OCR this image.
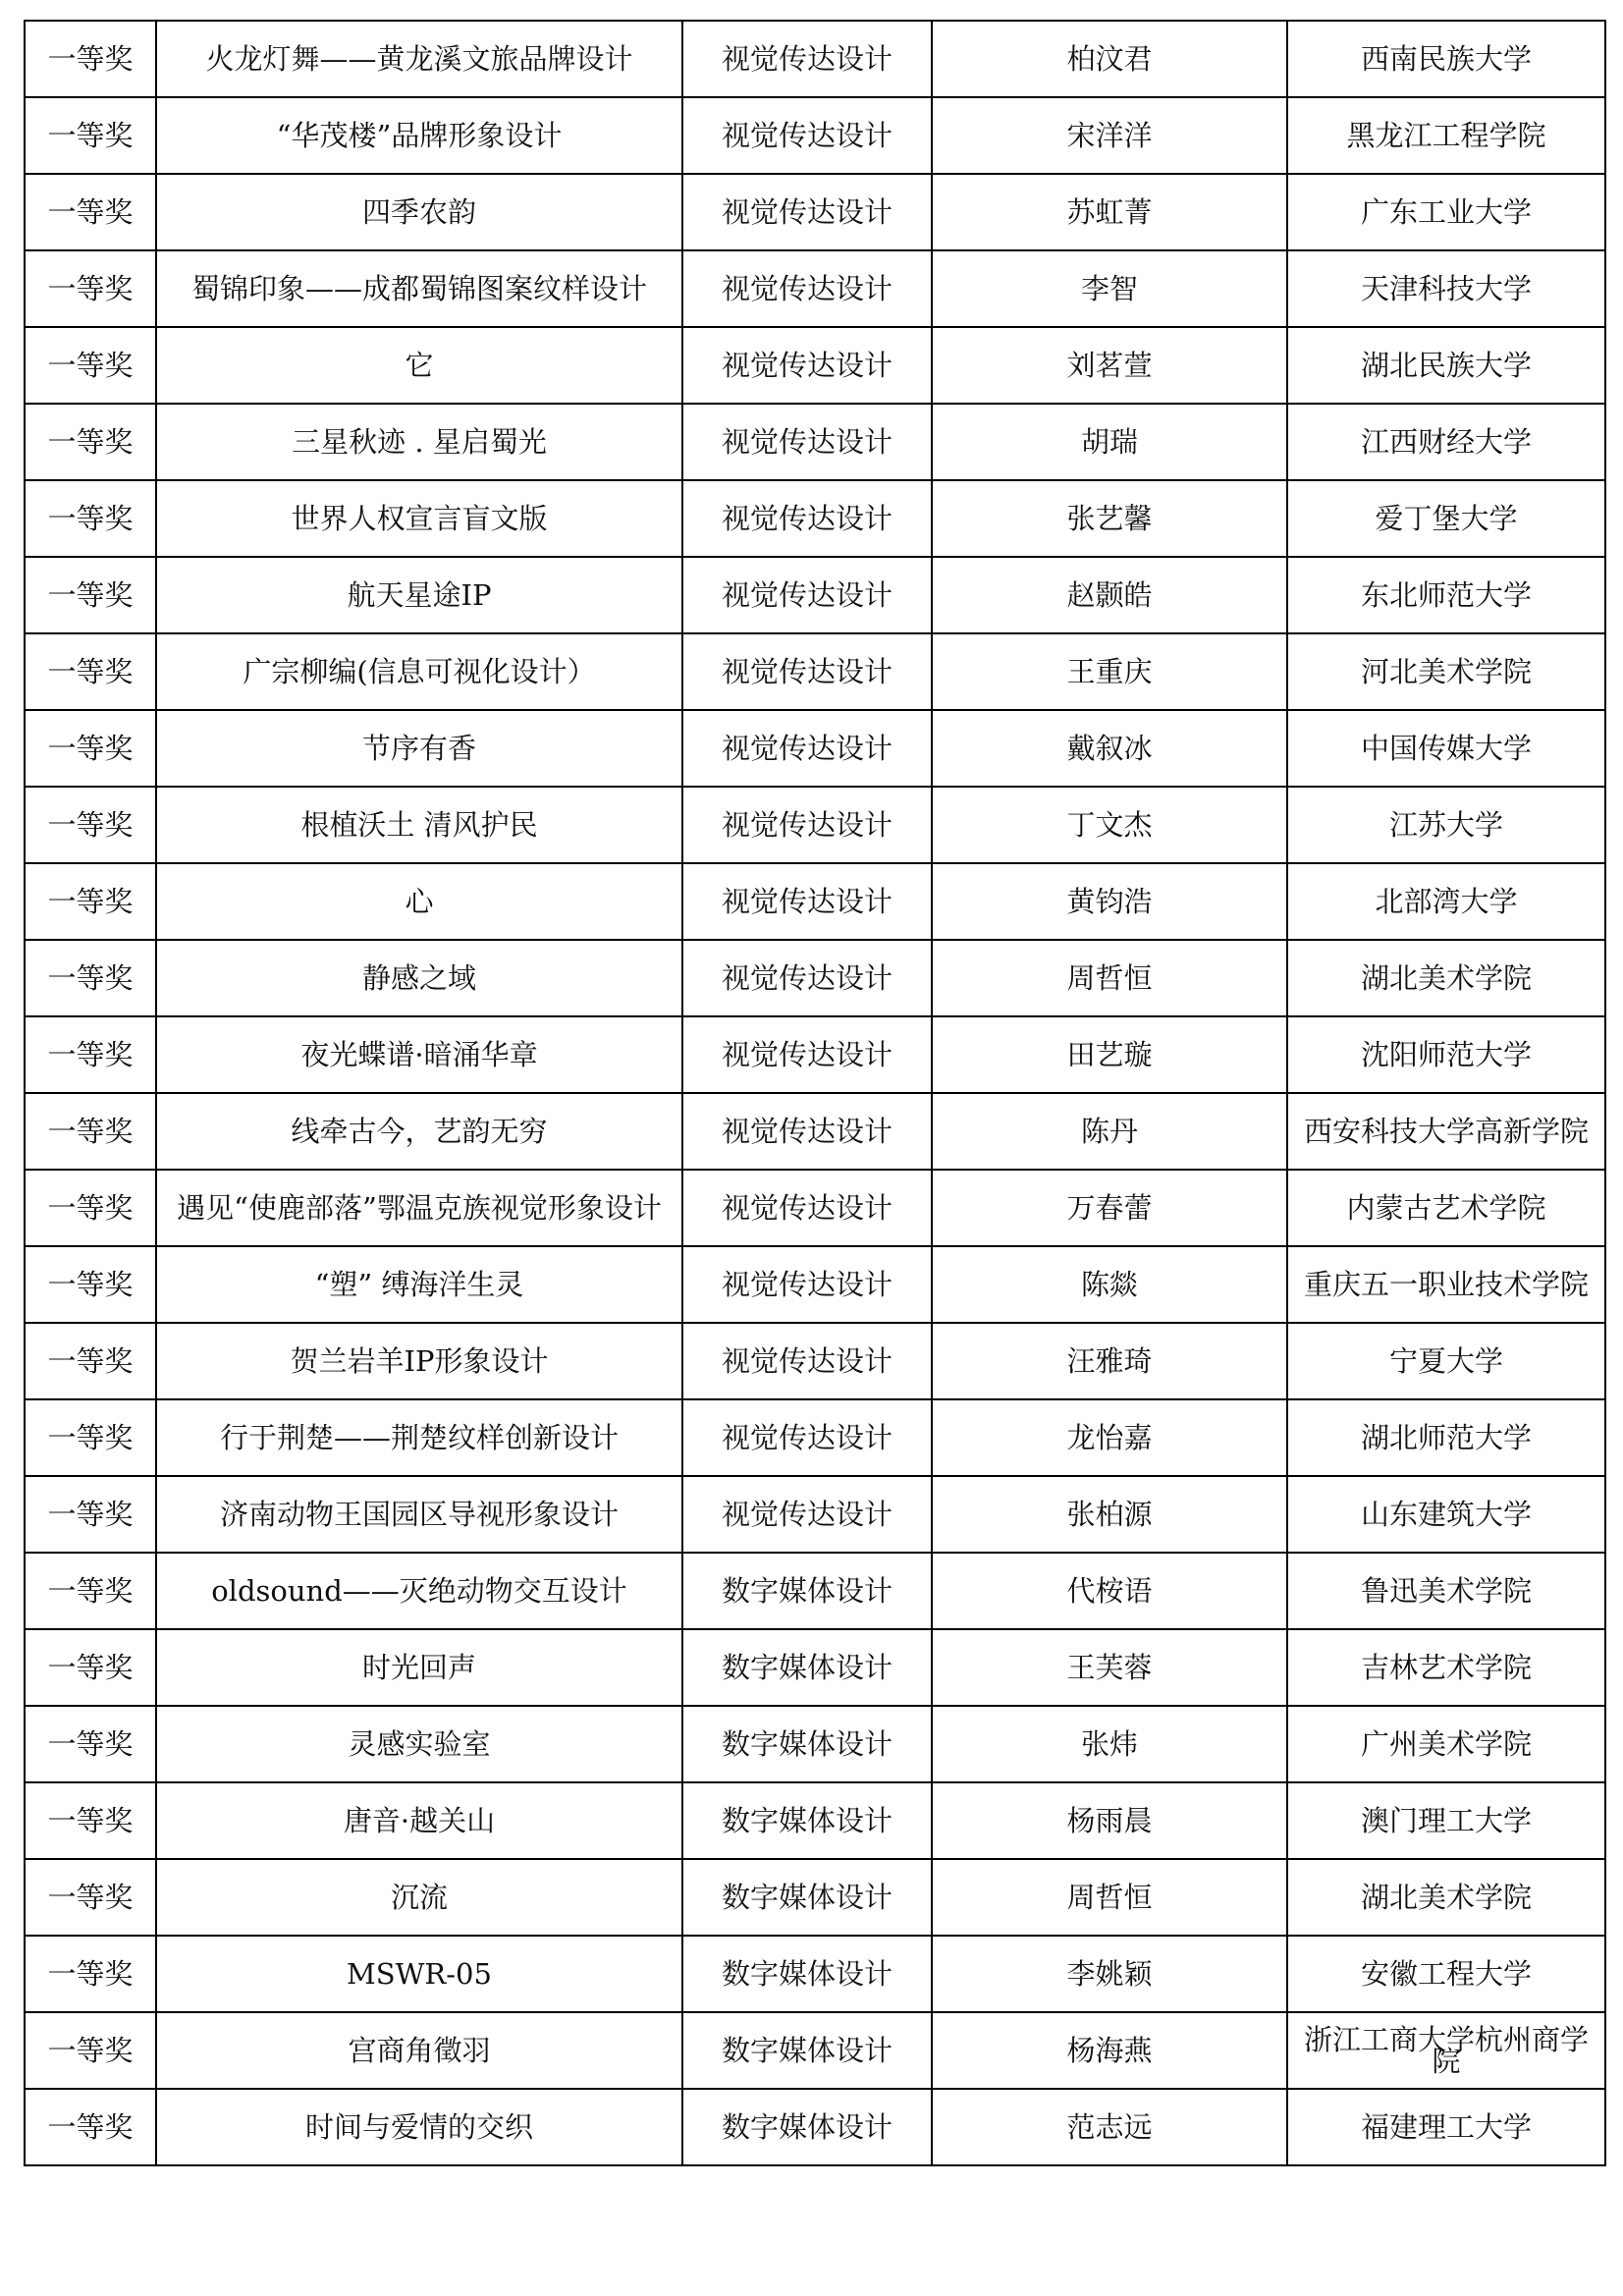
一等奖	火龙灯舞——黄龙溪文旅品牌设计	视觉传达设计	柏汶君	西南民族大学
一等奖	“华茂楼”品牌形象设计	视觉传达设计	宋洋洋	黑龙江工程学院
一等奖	四季农韵	视觉传达设计	苏虹菁	广东工业大学
一等奖	蜀锦印象——成都蜀锦图案纹样设计	视觉传达设计	李智	天津科技大学
一等奖	它	视觉传达设计	刘茗萱	湖北民族大学
一等奖	三星秋迹 . 星启蜀光	视觉传达设计	胡瑞	江西财经大学
一等奖	世界人权宣言盲文版	视觉传达设计	张艺馨	爱丁堡大学
一等奖	航天星途IP	视觉传达设计	赵颢皓	东北师范大学
一等奖	广宗柳编(信息可视化设计）	视觉传达设计	王重庆	河北美术学院
一等奖	节序有香	视觉传达设计	戴叙冰	中国传媒大学
一等奖	根植沃土 清风护民	视觉传达设计	丁文杰	江苏大学
一等奖	心	视觉传达设计	黄钧浩	北部湾大学
一等奖	静感之域	视觉传达设计	周哲恒	湖北美术学院
一等奖	夜光蝶谱·暗涌华章	视觉传达设计	田艺璇	沈阳师范大学
一等奖	线牵古今，艺韵无穷	视觉传达设计	陈丹	西安科技大学高新学院
一等奖	遇见“使鹿部落”鄂温克族视觉形象设计	视觉传达设计	万春蕾	内蒙古艺术学院
一等奖	“塑” 缚海洋生灵	视觉传达设计	陈燚	重庆五一职业技术学院
一等奖	贺兰岩羊IP形象设计	视觉传达设计	汪雅琦	宁夏大学
一等奖	行于荆楚——荆楚纹样创新设计	视觉传达设计	龙怡嘉	湖北师范大学
一等奖	济南动物王国园区导视形象设计	视觉传达设计	张柏源	山东建筑大学
一等奖	oldsound——灭绝动物交互设计	数字媒体设计	代桉语	鲁迅美术学院
一等奖	时光回声	数字媒体设计	王芙蓉	吉林艺术学院
一等奖	灵感实验室	数字媒体设计	张炜	广州美术学院
一等奖	唐音·越关山	数字媒体设计	杨雨晨	澳门理工大学
一等奖	沉流	数字媒体设计	周哲恒	湖北美术学院
一等奖	MSWR-05	数字媒体设计	李姚颖	安徽工程大学
一等奖	宫商角徵羽	数字媒体设计	杨海燕	浙江工商大学杭州商学院
一等奖	时间与爱情的交织	数字媒体设计	范志远	福建理工大学
